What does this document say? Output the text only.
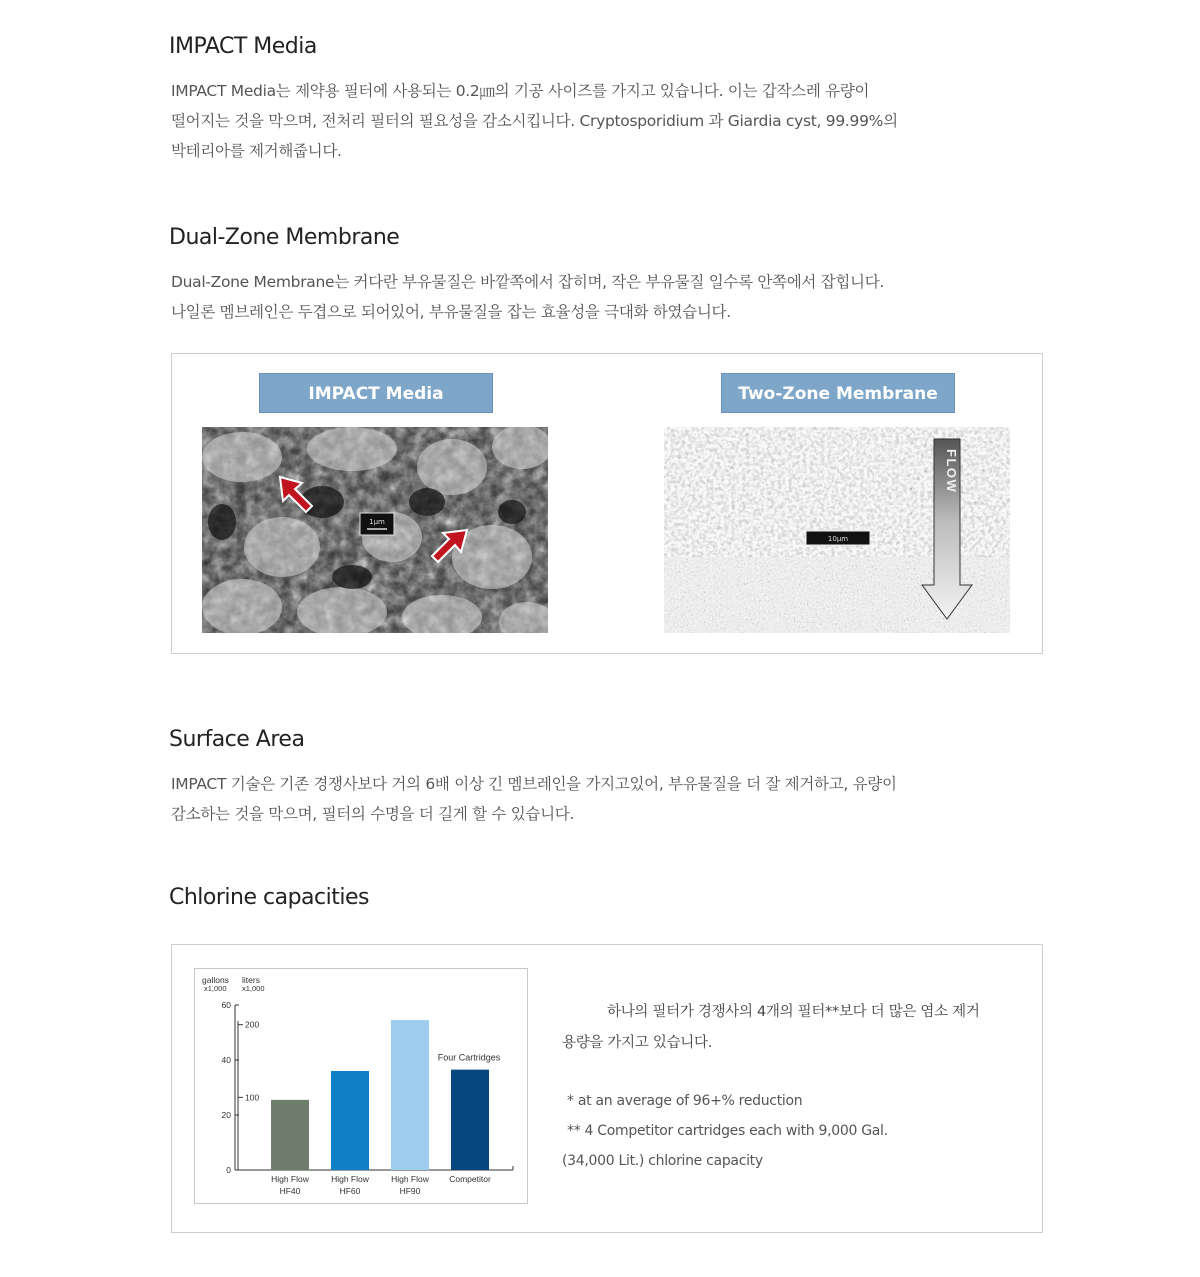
IMPACT Media

IMPACT Media는 제약용 필터에 사용되는 0.2㎛의 기공 사이즈를 가지고 있습니다. 이는 갑작스레 유량이

떨어지는 것을 막으며, 전처리 필터의 필요성을 감소시킵니다. Cryptosporidium 과 Giardia cyst, 99.99%의

박테리아를 제거해줍니다.

Dual-Zone Membrane

Dual-Zone Membrane는 커다란 부유물질은 바깥쪽에서 잡히며, 작은 부유물질 일수록 안쪽에서 잡힙니다.

나일론 멤브레인은 두겹으로 되어있어, 부유물질을 잡는 효율성을 극대화 하였습니다.

IMPACT Media	Two-Zone Membrane
1μm
10μm
FLOW
Surface Area

IMPACT 기술은 기존 경쟁사보다 거의 6배 이상 긴 멤브레인을 가지고있어, 부유물질을 더 잘 제거하고, 유량이

감소하는 것을 막으며, 필터의 수명을 더 길게 할 수 있습니다.

Chlorine capacities
gallons
x1,000
liters
x1,000
0
20
40
60
100
200
High Flow
HF40
High Flow
HF60
High Flow
HF90
Competitor
Four Cartridges
하나의 필터가 경쟁사의 4개의 필터**보다 더 많은 염소 제거
용량을 가지고 있습니다.
* at an average of 96+% reduction
** 4 Competitor cartridges each with 9,000 Gal.
(34,000 Lit.) chlorine capacity
